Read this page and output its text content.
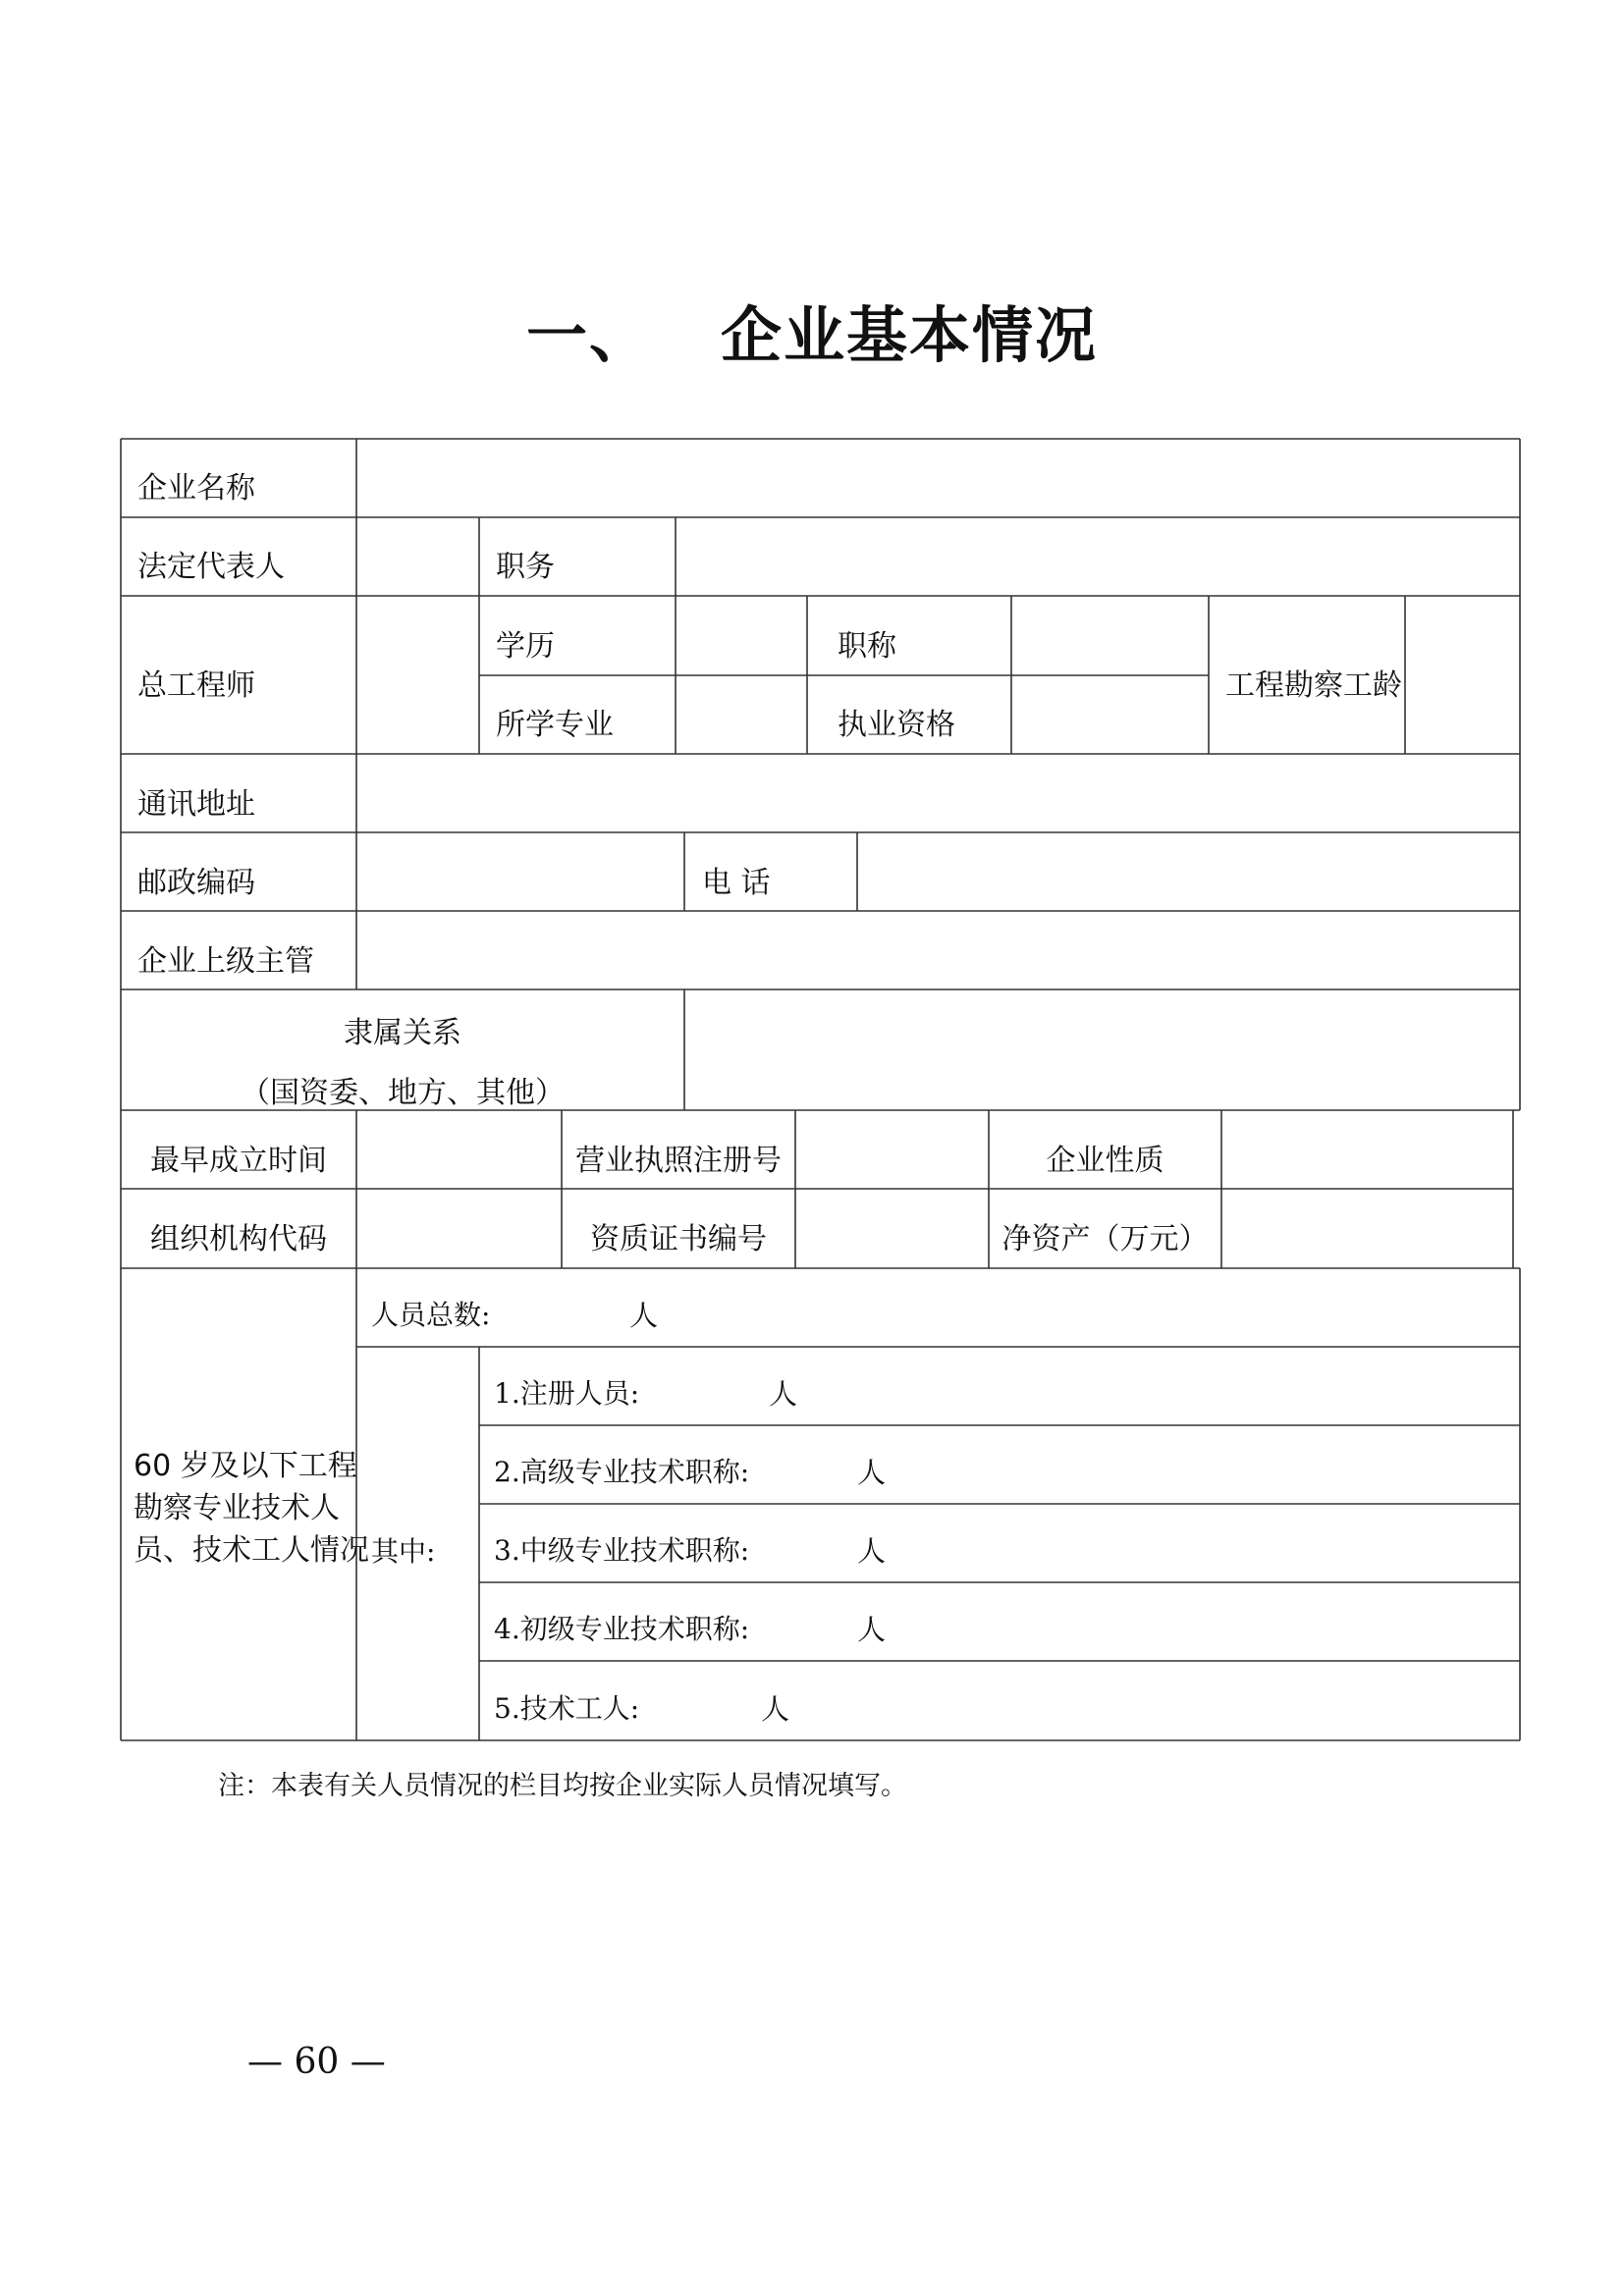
一、 企业基本情况
企业名称
法定代表人	职务
总工程师
学历	职称
工程勘察工龄
所学专业	执业资格
通讯地址
邮政编码	电 话
企业上级主管
隶属关系
（国资委、地方、其他）
最早成立时间	营业执照注册号	企业性质
组织机构代码	资质证书编号	净资产（万元）
60 岁及以下工程
勘察专业技术人
员、技术工人情况
人员总数:	人
其中:
1.注册人员:	人
2.高级专业技术职称:	人
3.中级专业技术职称:	人
4.初级专业技术职称:	人
5.技术工人:	人
注：本表有关人员情况的栏目均按企业实际人员情况填写。
— 60 —
